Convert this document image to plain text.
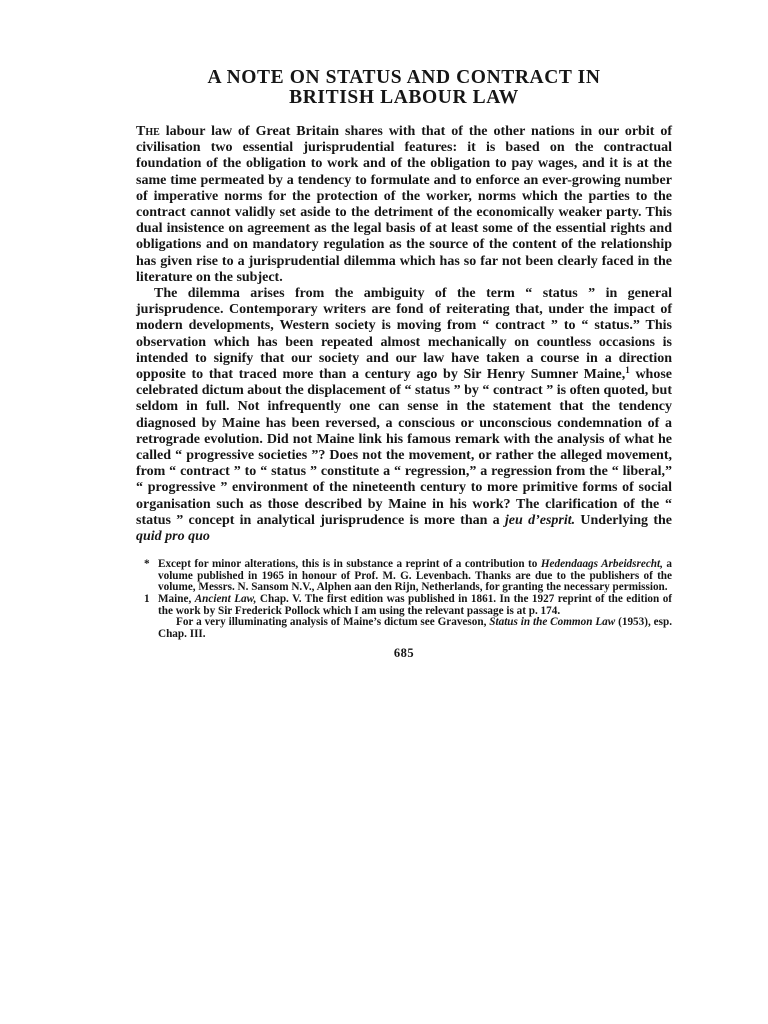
A NOTE ON STATUS AND CONTRACT IN
BRITISH LABOUR LAW

The labour law of Great Britain shares with that of the other nations in our orbit of civilisation two essential jurisprudential features: it is based on the contractual foundation of the obligation to work and of the obligation to pay wages, and it is at the same time permeated by a tendency to formulate and to enforce an ever-growing number of imperative norms for the protection of the worker, norms which the parties to the contract cannot validly set aside to the detriment of the economically weaker party. This dual insistence on agreement as the legal basis of at least some of the essential rights and obligations and on mandatory regulation as the source of the content of the relationship has given rise to a jurisprudential dilemma which has so far not been clearly faced in the literature on the subject.

The dilemma arises from the ambiguity of the term “ status ” in general jurisprudence. Contemporary writers are fond of reiterating that, under the impact of modern developments, Western society is moving from “ contract ” to “ status.” This observation which has been repeated almost mechanically on countless occasions is intended to signify that our society and our law have taken a course in a direction opposite to that traced more than a century ago by Sir Henry Sumner Maine,$^1$ whose celebrated dictum about the displacement of “ status ” by “ contract ” is often quoted, but seldom in full. Not infrequently one can sense in the statement that the tendency diagnosed by Maine has been reversed, a conscious or unconscious condemnation of a retrograde evolution. Did not Maine link his famous remark with the analysis of what he called “ progressive societies ”? Does not the movement, or rather the alleged movement, from “ contract ” to “ status ” constitute a “ regression,” a regression from the “ liberal,” “ progressive ” environment of the nineteenth century to more primitive forms of social organisation such as those described by Maine in his work? The clarification of the “ status ” concept in analytical jurisprudence is more than a jeu d’esprit. Underlying the quid pro quo

* Except for minor alterations, this is in substance a reprint of a contribution to Hedendaags Arbeidsrecht, a volume published in 1965 in honour of Prof. M. G. Levenbach. Thanks are due to the publishers of the volume, Messrs. N. Sansom N.V., Alphen aan den Rijn, Netherlands, for granting the necessary permission.

1 Maine, Ancient Law, Chap. V. The first edition was published in 1861. In the 1927 reprint of the edition of the work by Sir Frederick Pollock which I am using the relevant passage is at p. 174.

For a very illuminating analysis of Maine’s dictum see Graveson, Status in the Common Law (1953), esp. Chap. III.

685
